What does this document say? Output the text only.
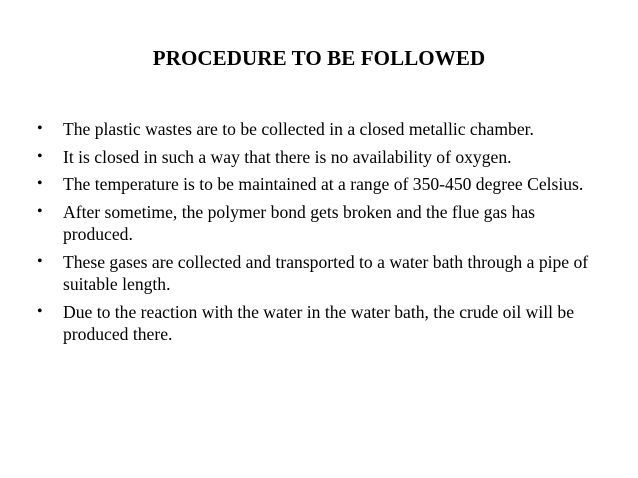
PROCEDURE TO BE FOLLOWED
• The plastic wastes are to be collected in a closed metallic chamber.
• It is closed in such a way that there is no availability of oxygen.
• The temperature is to be maintained at a range of 350-450 degree Celsius.
• After sometime, the polymer bond gets broken and the flue gas has produced.
• These gases are collected and transported to a water bath through a pipe of suitable length.
• Due to the reaction with the water in the water bath, the crude oil will be produced there.
